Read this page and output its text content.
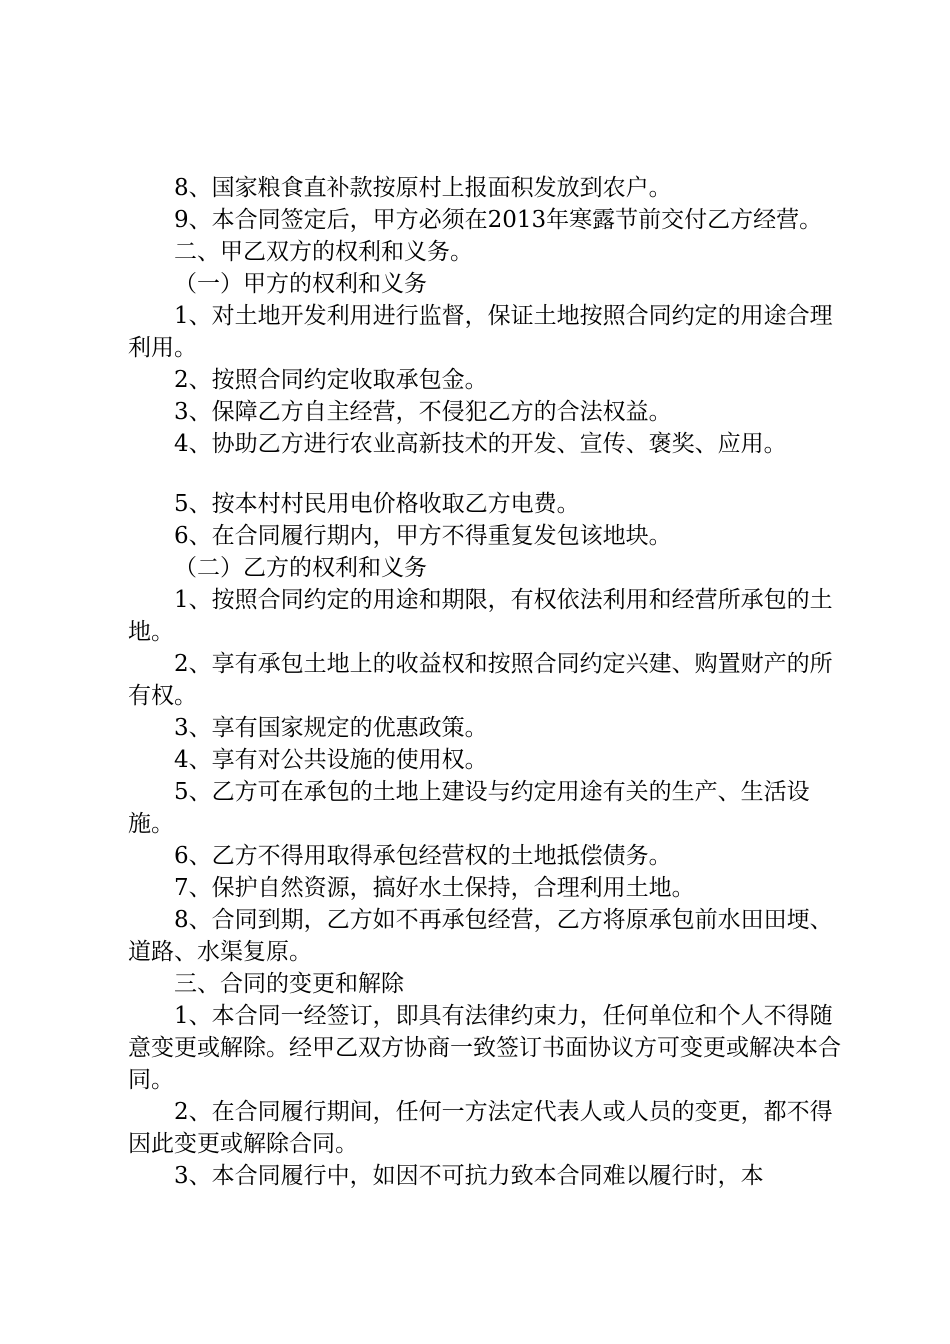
8、国家粮食直补款按原村上报面积发放到农户。

9、本合同签定后，甲方必须在2013年寒露节前交付乙方经营。

二、甲乙双方的权利和义务。

（一）甲方的权利和义务

1、对土地开发利用进行监督，保证土地按照合同约定的用途合理利用。

2、按照合同约定收取承包金。

3、保障乙方自主经营，不侵犯乙方的合法权益。

4、协助乙方进行农业高新技术的开发、宣传、褒奖、应用。

5、按本村村民用电价格收取乙方电费。

6、在合同履行期内，甲方不得重复发包该地块。

（二）乙方的权利和义务

1、按照合同约定的用途和期限，有权依法利用和经营所承包的土地。

2、享有承包土地上的收益权和按照合同约定兴建、购置财产的所有权。

3、享有国家规定的优惠政策。

4、享有对公共设施的使用权。

5、乙方可在承包的土地上建设与约定用途有关的生产、生活设施。

6、乙方不得用取得承包经营权的土地抵偿债务。

7、保护自然资源，搞好水土保持，合理利用土地。

8、合同到期，乙方如不再承包经营，乙方将原承包前水田田埂、道路、水渠复原。

三、合同的变更和解除

1、本合同一经签订，即具有法律约束力，任何单位和个人不得随意变更或解除。经甲乙双方协商一致签订书面协议方可变更或解决本合同。

2、在合同履行期间，任何一方法定代表人或人员的变更，都不得因此变更或解除合同。

3、本合同履行中，如因不可抗力致本合同难以履行时，本
